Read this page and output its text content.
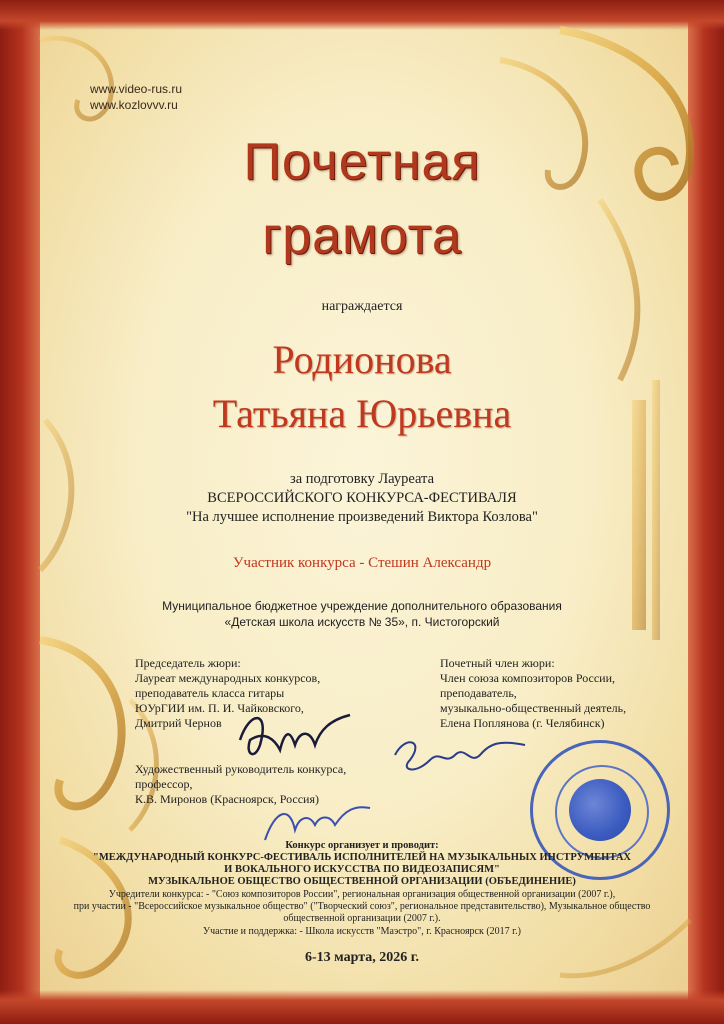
www.video-rus.ru

www.kozlovvv.ru

Почетная

грамота

награждается

Родионова

Татьяна Юрьевна

за подготовку Лауреата

ВСЕРОССИЙСКОГО КОНКУРСА-ФЕСТИВАЛЯ

"На лучшее исполнение произведений Виктора Козлова"

Участник конкурса - Стешин Александр

Муниципальное бюджетное учреждение дополнительного образования

«Детская школа искусств № 35», п. Чистогорский

Председатель жюри:
Лауреат международных конкурсов,
преподаватель класса гитары
ЮУрГИИ им. П. И. Чайковского,
Дмитрий Чернов
Почетный член жюри:
Член союза композиторов России,
преподаватель,
музыкально-общественный деятель,
Елена Поплянова (г. Челябинск)
Художественный руководитель конкурса,
профессор,
К.В. Миронов (Красноярск, Россия)

Конкурс организует и проводит:

"МЕЖДУНАРОДНЫЙ КОНКУРС-ФЕСТИВАЛЬ ИСПОЛНИТЕЛЕЙ НА МУЗЫКАЛЬНЫХ ИНСТРУМЕНТАХ

И ВОКАЛЬНОГО ИСКУССТВА ПО ВИДЕОЗАПИСЯМ"

МУЗЫКАЛЬНОЕ ОБЩЕСТВО ОБЩЕСТВЕННОЙ ОРГАНИЗАЦИИ (ОБЪЕДИНЕНИЕ)

Учредители конкурса: - "Союз композиторов России", региональная организация общественной организации (2007 г.),

при участии - "Всероссийское музыкальное общество" ("Творческий союз", региональное представительство), Музыкальное общество

общественной организации (2007 г.).

Участие и поддержка: - Школа искусств "Маэстро", г. Красноярск (2017 г.)

6-13 марта, 2026 г.
